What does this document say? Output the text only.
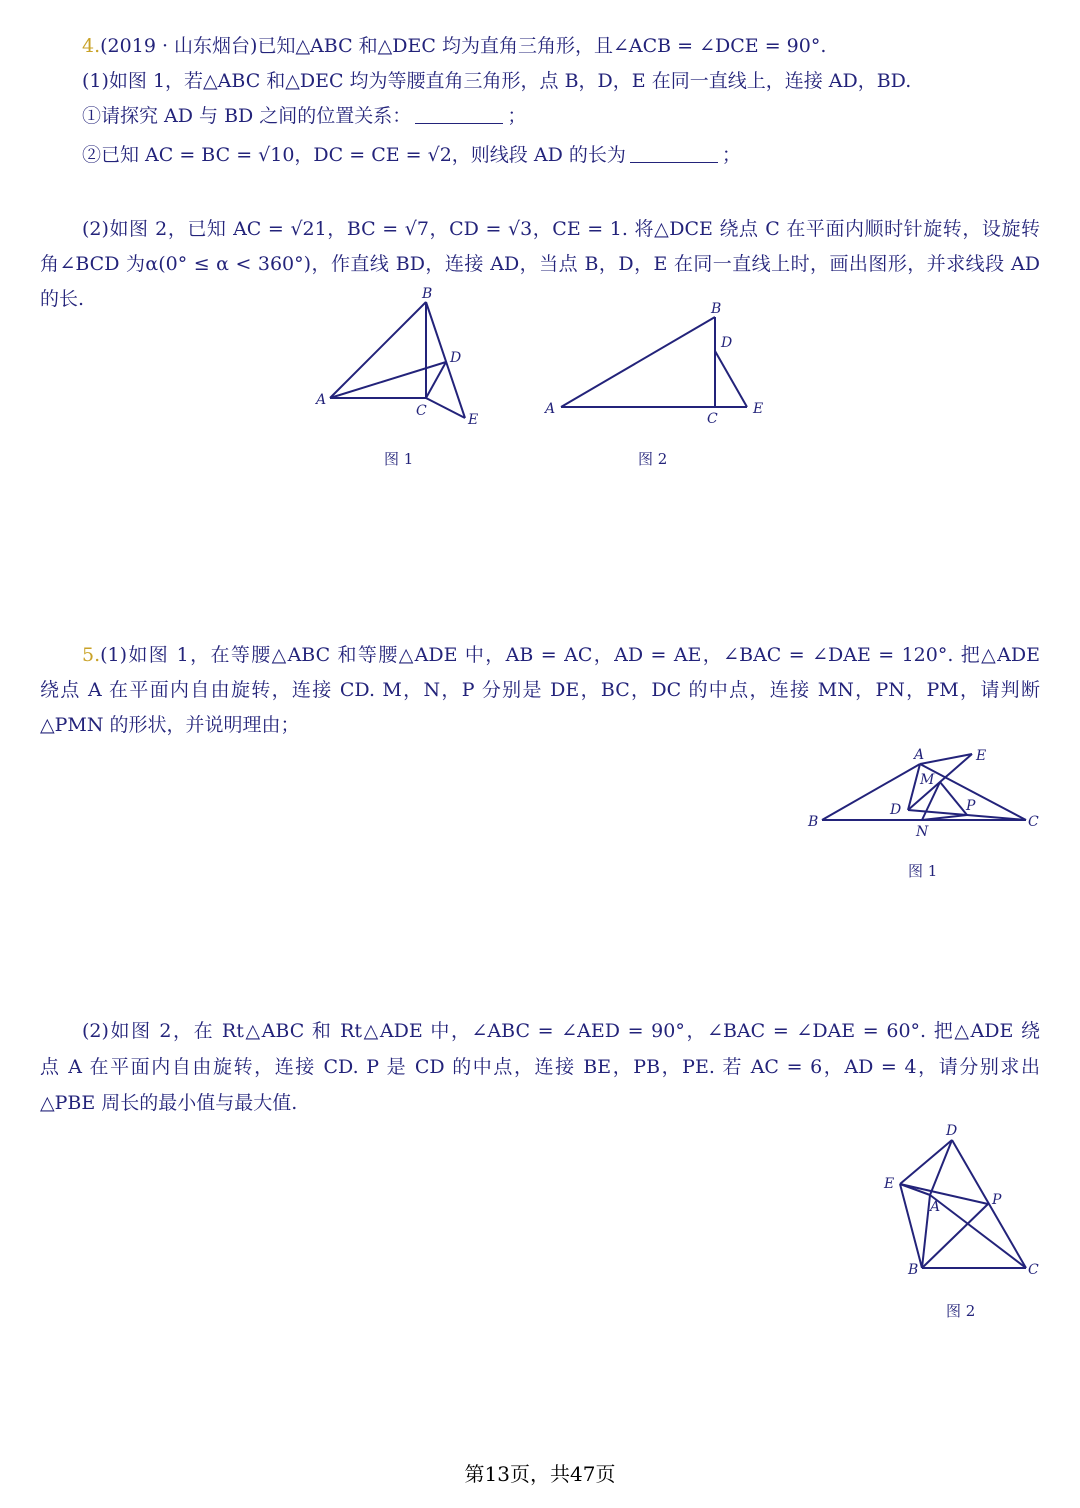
4.(2019 · 山东烟台)已知△ABC 和△DEC 均为直角三角形，且∠ACB = ∠DCE = 90°.
(1)如图 1，若△ABC 和△DEC 均为等腰直角三角形，点 B，D，E 在同一直线上，连接 AD，BD.
①请探究 AD 与 BD 之间的位置关系：	；
②已知 AC = BC = √10，DC = CE = √2，则线段 AD 的长为	；
(2)如图 2，已知 AC = √21，BC = √7，CD = √3，CE = 1. 将△DCE 绕点 C 在平面内顺时针旋转，设旋转
角∠BCD 为α(0° ≤ α < 360°)，作直线 BD，连接 AD，当点 B，D，E 在同一直线上时，画出图形，并求线段 AD
的长.
A
B
C
D
E
图 1
A
B
C
D
E
图 2
5.(1)如图 1，在等腰△ABC 和等腰△ADE 中，AB = AC，AD = AE，∠BAC = ∠DAE = 120°. 把△ADE
绕点 A 在平面内自由旋转，连接 CD. M，N，P 分别是 DE，BC，DC 的中点，连接 MN，PN，PM，请判断
△PMN 的形状，并说明理由；
A	E
M
D	P
B
N
C
图 1
(2)如图 2，在 Rt△ABC 和 Rt△ADE 中，∠ABC = ∠AED = 90°，∠BAC = ∠DAE = 60°. 把△ADE 绕
点 A 在平面内自由旋转，连接 CD. P 是 CD 的中点，连接 BE，PB，PE. 若 AC = 6，AD = 4，请分别求出
△PBE 周长的最小值与最大值.
D
E
A	P
B	C
图 2
第13页，共47页
